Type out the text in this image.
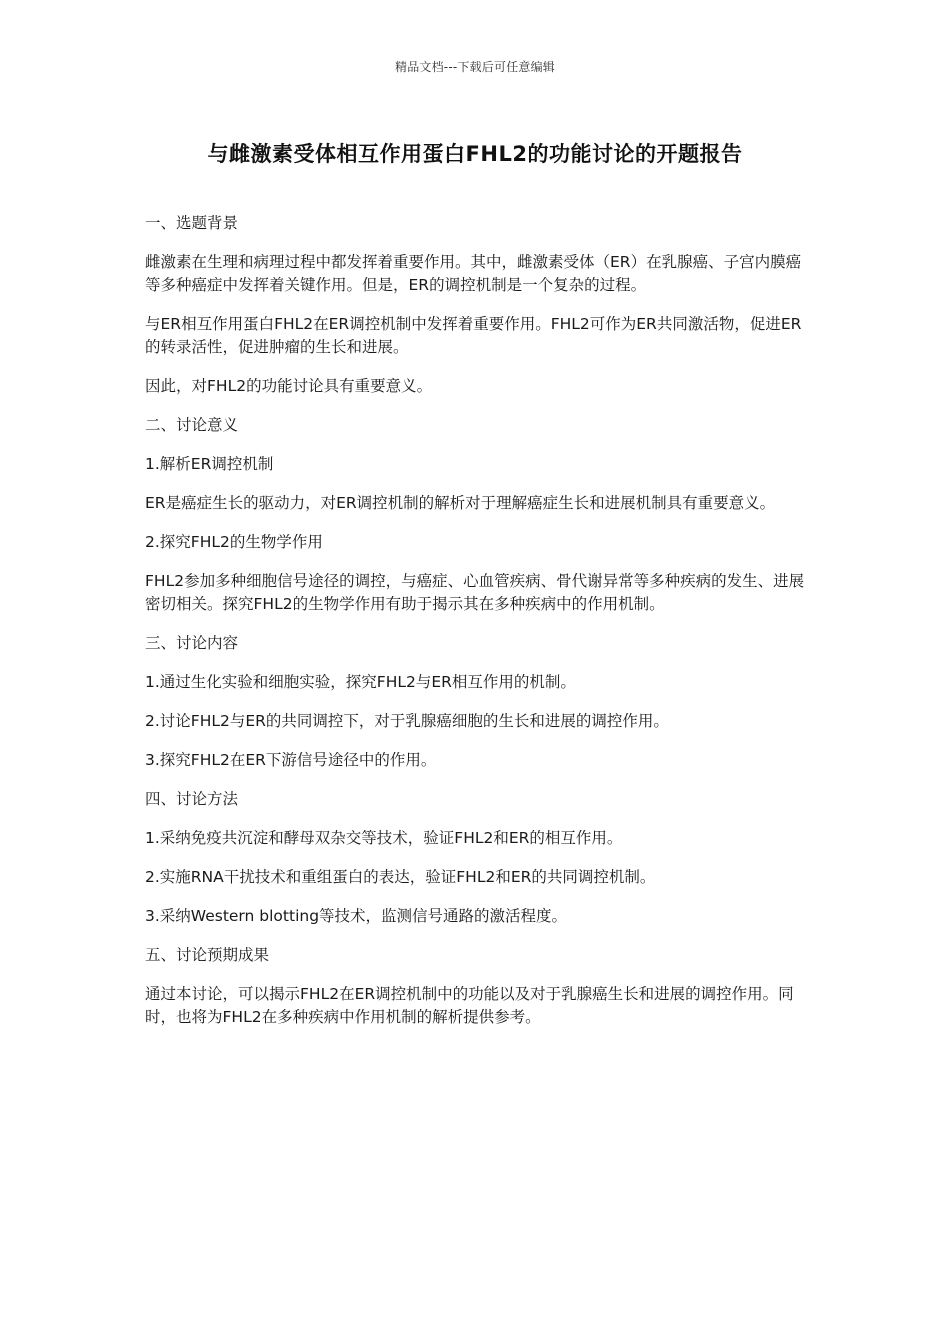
精品文档---下载后可任意编辑
与雌激素受体相互作用蛋白FHL2的功能讨论的开题报告

一、选题背景

雌激素在生理和病理过程中都发挥着重要作用。其中，雌激素受体（ER）在乳腺癌、子宫内膜癌等多种癌症中发挥着关键作用。但是，ER的调控机制是一个复杂的过程。

与ER相互作用蛋白FHL2在ER调控机制中发挥着重要作用。FHL2可作为ER共同激活物，促进ER的转录活性，促进肿瘤的生长和进展。

因此，对FHL2的功能讨论具有重要意义。

二、讨论意义

1.解析ER调控机制

ER是癌症生长的驱动力，对ER调控机制的解析对于理解癌症生长和进展机制具有重要意义。

2.探究FHL2的生物学作用

FHL2参加多种细胞信号途径的调控，与癌症、心血管疾病、骨代谢异常等多种疾病的发生、进展密切相关。探究FHL2的生物学作用有助于揭示其在多种疾病中的作用机制。

三、讨论内容

1.通过生化实验和细胞实验，探究FHL2与ER相互作用的机制。

2.讨论FHL2与ER的共同调控下，对于乳腺癌细胞的生长和进展的调控作用。

3.探究FHL2在ER下游信号途径中的作用。

四、讨论方法

1.采纳免疫共沉淀和酵母双杂交等技术，验证FHL2和ER的相互作用。

2.实施RNA干扰技术和重组蛋白的表达，验证FHL2和ER的共同调控机制。

3.采纳Western blotting等技术，监测信号通路的激活程度。

五、讨论预期成果

通过本讨论，可以揭示FHL2在ER调控机制中的功能以及对于乳腺癌生长和进展的调控作用。同时，也将为FHL2在多种疾病中作用机制的解析提供参考。
